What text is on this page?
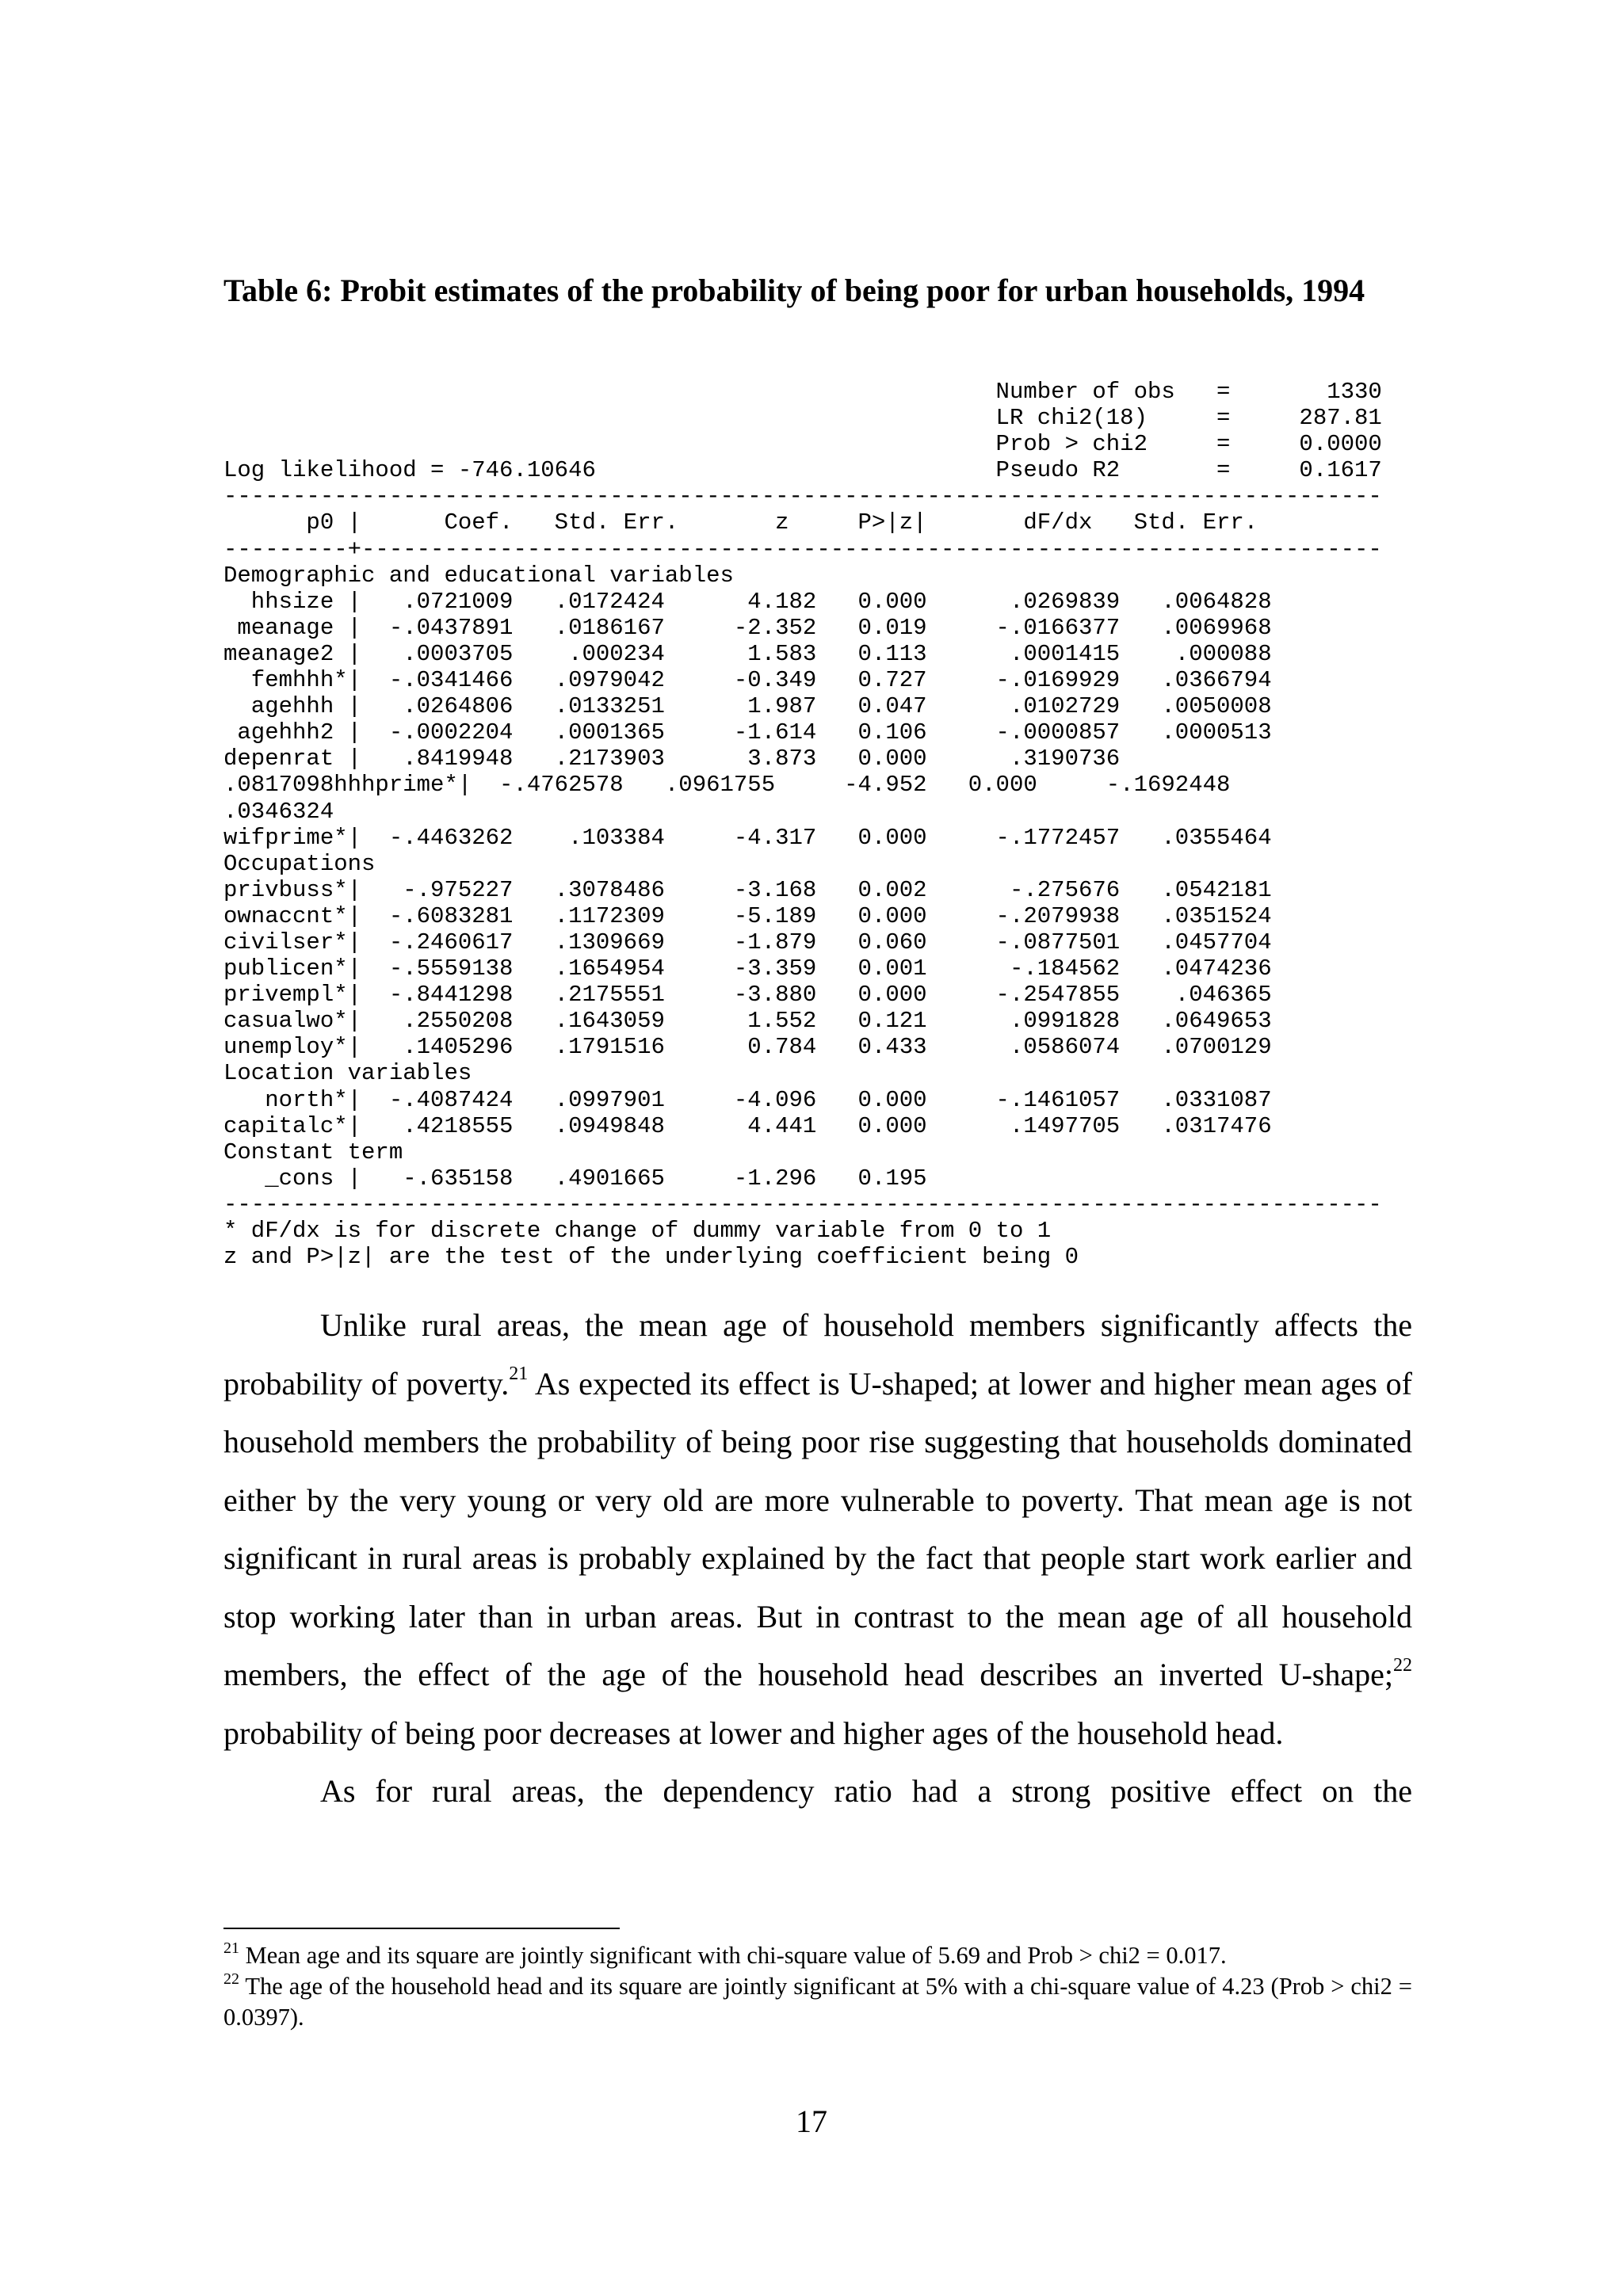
Table 6: Probit estimates of the probability of being poor for urban households, 1994
Number of obs   =       1330
LR chi2(18)     =     287.81
Prob > chi2     =     0.0000
Log likelihood = -746.10646                             Pseudo R2       =     0.1617
------------------------------------------------------------------------------------
p0 |      Coef.   Std. Err.       z     P>|z|       dF/dx   Std. Err.
---------+--------------------------------------------------------------------------
Demographic and educational variables
hhsize |   .0721009   .0172424      4.182   0.000      .0269839   .0064828
meanage |  -.0437891   .0186167     -2.352   0.019     -.0166377   .0069968
meanage2 |   .0003705    .000234      1.583   0.113      .0001415    .000088
femhhh*|  -.0341466   .0979042     -0.349   0.727     -.0169929   .0366794
agehhh |   .0264806   .0133251      1.987   0.047      .0102729   .0050008
agehhh2 |  -.0002204   .0001365     -1.614   0.106     -.0000857   .0000513
depenrat |   .8419948   .2173903      3.873   0.000      .3190736
.0817098hhhprime*|  -.4762578   .0961755     -4.952   0.000     -.1692448
.0346324
wifprime*|  -.4463262    .103384     -4.317   0.000     -.1772457   .0355464
Occupations
privbuss*|   -.975227   .3078486     -3.168   0.002      -.275676   .0542181
ownaccnt*|  -.6083281   .1172309     -5.189   0.000     -.2079938   .0351524
civilser*|  -.2460617   .1309669     -1.879   0.060     -.0877501   .0457704
publicen*|  -.5559138   .1654954     -3.359   0.001      -.184562   .0474236
privempl*|  -.8441298   .2175551     -3.880   0.000     -.2547855    .046365
casualwo*|   .2550208   .1643059      1.552   0.121      .0991828   .0649653
unemploy*|   .1405296   .1791516      0.784   0.433      .0586074   .0700129
Location variables
north*|  -.4087424   .0997901     -4.096   0.000     -.1461057   .0331087
capitalc*|   .4218555   .0949848      4.441   0.000      .1497705   .0317476
Constant term
_cons |   -.635158   .4901665     -1.296   0.195
------------------------------------------------------------------------------------
* dF/dx is for discrete change of dummy variable from 0 to 1
z and P>|z| are the test of the underlying coefficient being 0

Unlike rural areas, the mean age of household members significantly affects the probability of poverty.$^{21}$ As expected its effect is U-shaped; at lower and higher mean ages of household members the probability of being poor rise suggesting that households dominated either by the very young or very old are more vulnerable to poverty. That mean age is not significant in rural areas is probably explained by the fact that people start work earlier and stop working later than in urban areas. But in contrast to the mean age of all household members, the effect of the age of the household head describes an inverted U-shape;$^{22}$ probability of being poor decreases at lower and higher ages of the household head.

As for rural areas, the dependency ratio had a strong positive effect on the

$^{21}$ Mean age and its square are jointly significant with chi-square value of 5.69 and Prob > chi2 = 0.017.

$^{22}$ The age of the household head and its square are jointly significant at 5% with a chi-square value of 4.23 (Prob > chi2 = 0.0397).

17
